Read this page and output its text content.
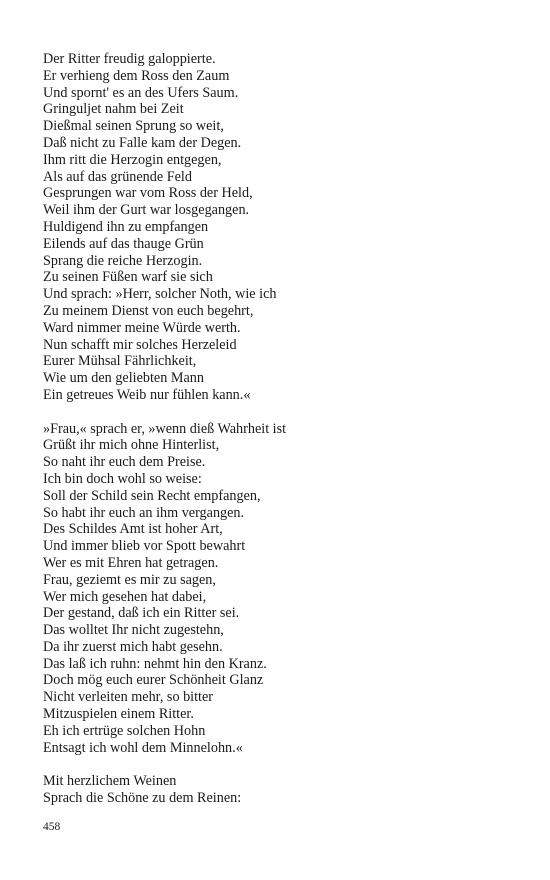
Der Ritter freudig galoppierte.
Er verhieng dem Ross den Zaum
Und spornt' es an des Ufers Saum.
Gringuljet nahm bei Zeit
Dießmal seinen Sprung so weit,
Daß nicht zu Falle kam der Degen.
Ihm ritt die Herzogin entgegen,
Als auf das grünende Feld
Gesprungen war vom Ross der Held,
Weil ihm der Gurt war losgegangen.
Huldigend ihn zu empfangen
Eilends auf das thauge Grün
Sprang die reiche Herzogin.
Zu seinen Füßen warf sie sich
Und sprach: »Herr, solcher Noth, wie ich
Zu meinem Dienst von euch begehrt,
Ward nimmer meine Würde werth.
Nun schafft mir solches Herzeleid
Eurer Mühsal Fährlichkeit,
Wie um den geliebten Mann
Ein getreues Weib nur fühlen kann.«
»Frau,« sprach er, »wenn dieß Wahrheit ist
Grüßt ihr mich ohne Hinterlist,
So naht ihr euch dem Preise.
Ich bin doch wohl so weise:
Soll der Schild sein Recht empfangen,
So habt ihr euch an ihm vergangen.
Des Schildes Amt ist hoher Art,
Und immer blieb vor Spott bewahrt
Wer es mit Ehren hat getragen.
Frau, geziemt es mir zu sagen,
Wer mich gesehen hat dabei,
Der gestand, daß ich ein Ritter sei.
Das wolltet Ihr nicht zugestehn,
Da ihr zuerst mich habt gesehn.
Das laß ich ruhn: nehmt hin den Kranz.
Doch mög euch eurer Schönheit Glanz
Nicht verleiten mehr, so bitter
Mitzuspielen einem Ritter.
Eh ich ertrüge solchen Hohn
Entsagt ich wohl dem Minnelohn.«
Mit herzlichem Weinen
Sprach die Schöne zu dem Reinen:
458
